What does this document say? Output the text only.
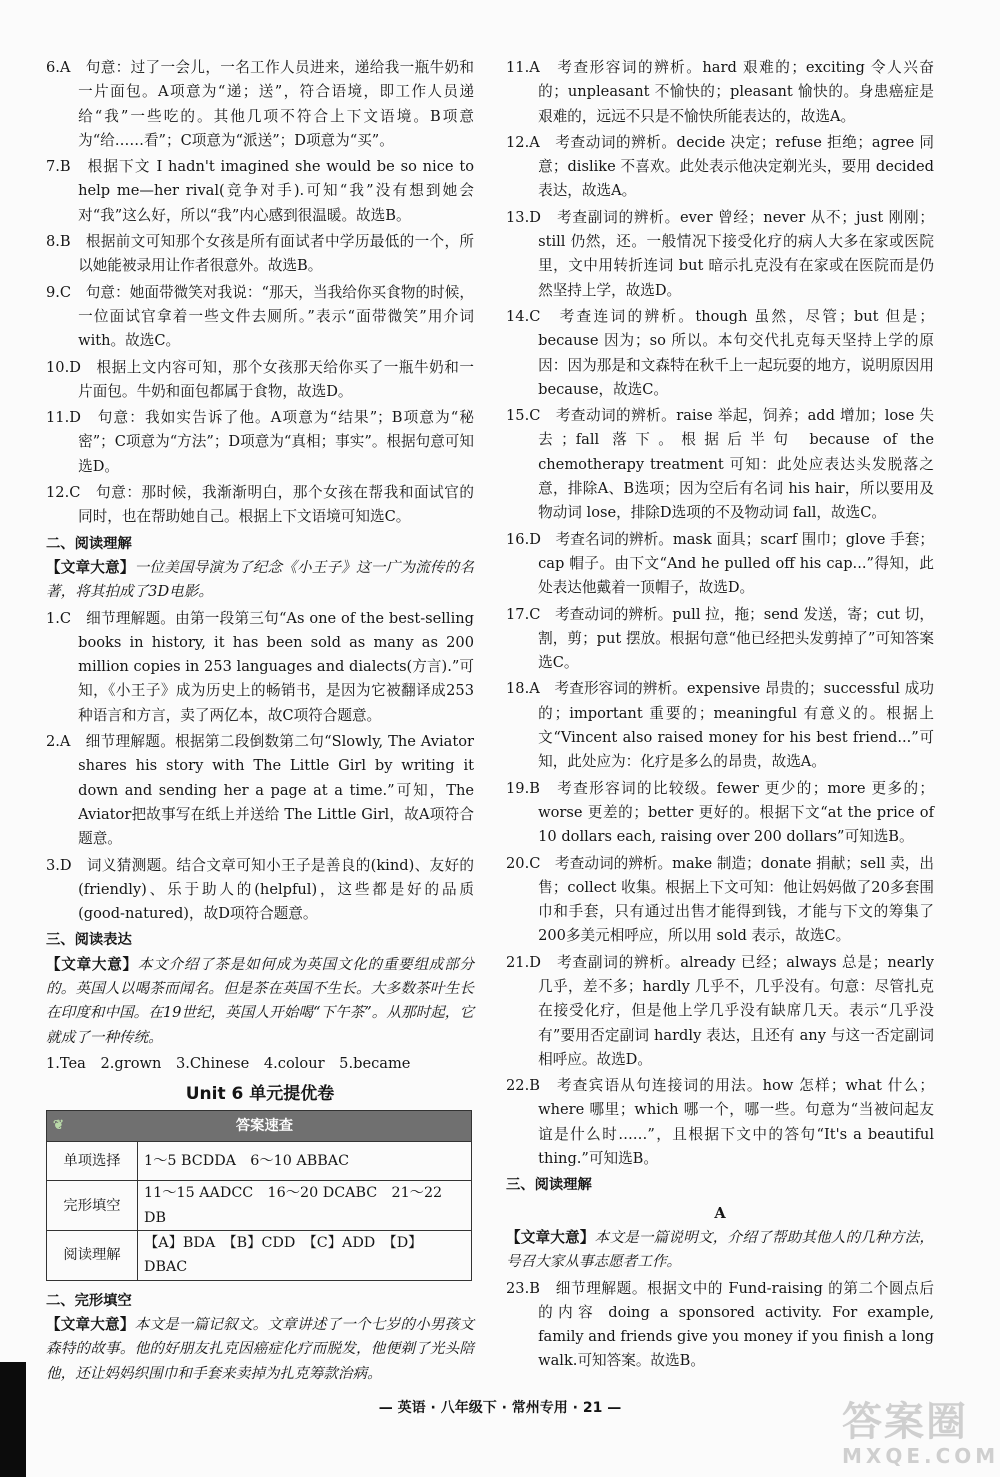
6.A　句意：过了一会儿，一名工作人员进来，递给我一瓶牛奶和一片面包。A项意为“递；送”，符合语境，即工作人员递给“我”一些吃的。其他几项不符合上下文语境。B项意为“给……看”；C项意为“派送”；D项意为“买”。

7.B　根据下文 I hadn't imagined she would be so nice to help me—her rival(竞争对手).可知“我”没有想到她会对“我”这么好，所以“我”内心感到很温暖。故选B。

8.B　根据前文可知那个女孩是所有面试者中学历最低的一个，所以她能被录用让作者很意外。故选B。

9.C　句意：她面带微笑对我说：“那天，当我给你买食物的时候，一位面试官拿着一些文件去厕所。”表示“面带微笑”用介词 with。故选C。

10.D　根据上文内容可知，那个女孩那天给你买了一瓶牛奶和一片面包。牛奶和面包都属于食物，故选D。

11.D　句意：我如实告诉了他。A项意为“结果”；B项意为“秘密”；C项意为“方法”；D项意为“真相；事实”。根据句意可知选D。

12.C　句意：那时候，我渐渐明白，那个女孩在帮我和面试官的同时，也在帮助她自己。根据上下文语境可知选C。

二、阅读理解

【文章大意】一位美国导演为了纪念《小王子》这一广为流传的名著，将其拍成了3D电影。

1.C　细节理解题。由第一段第三句“As one of the best-selling books in history, it has been sold as many as 200 million copies in 253 languages and dialects(方言).”可知，《小王子》成为历史上的畅销书，是因为它被翻译成253种语言和方言，卖了两亿本，故C项符合题意。

2.A　细节理解题。根据第二段倒数第二句“Slowly, The Aviator shares his story with The Little Girl by writing it down and sending her a page at a time.”可知，The Aviator把故事写在纸上并送给 The Little Girl，故A项符合题意。

3.D　词义猜测题。结合文章可知小王子是善良的(kind)、友好的(friendly)、乐于助人的(helpful)，这些都是好的品质(good-natured)，故D项符合题意。

三、阅读表达

【文章大意】本文介绍了茶是如何成为英国文化的重要组成部分的。英国人以喝茶而闻名。但是茶在英国不生长。大多数茶叶生长在印度和中国。在19世纪，英国人开始喝“下午茶”。从那时起，它就成了一种传统。

1.Tea　2.grown　3.Chinese　4.colour　5.became

Unit 6 单元提优卷
❦ 答案速查	
单项选择	1～5 BCDDA　6～10 ABBAC
完形填空	11～15 AADCC　16～20 DCABC　21～22 DB
阅读理解	【A】BDA　【B】CDD　【C】ADD　【D】DBAC

二、完形填空

【文章大意】本文是一篇记叙文。文章讲述了一个七岁的小男孩文森特的故事。他的好朋友扎克因癌症化疗而脱发，他便剃了光头陪他，还让妈妈织围巾和手套来卖掉为扎克筹款治病。

11.A　考查形容词的辨析。hard 艰难的；exciting 令人兴奋的；unpleasant 不愉快的；pleasant 愉快的。身患癌症是艰难的，远远不只是不愉快所能表达的，故选A。

12.A　考查动词的辨析。decide 决定；refuse 拒绝；agree 同意；dislike 不喜欢。此处表示他决定剃光头，要用 decided 表达，故选A。

13.D　考查副词的辨析。ever 曾经；never 从不；just 刚刚；still 仍然，还。一般情况下接受化疗的病人大多在家或医院里，文中用转折连词 but 暗示扎克没有在家或在医院而是仍然坚持上学，故选D。

14.C　考查连词的辨析。though 虽然，尽管；but 但是；because 因为；so 所以。本句交代扎克每天坚持上学的原因：因为那是和文森特在秋千上一起玩耍的地方，说明原因用 because，故选C。

15.C　考查动词的辨析。raise 举起，饲养；add 增加；lose 失去；fall 落下。根据后半句 because of the chemotherapy treatment 可知：此处应表达头发脱落之意，排除A、B选项；因为空后有名词 his hair，所以要用及物动词 lose，排除D选项的不及物动词 fall，故选C。

16.D　考查名词的辨析。mask 面具；scarf 围巾；glove 手套；cap 帽子。由下文“And he pulled off his cap...”得知，此处表达他戴着一顶帽子，故选D。

17.C　考查动词的辨析。pull 拉，拖；send 发送，寄；cut 切，割，剪；put 摆放。根据句意“他已经把头发剪掉了”可知答案选C。

18.A　考查形容词的辨析。expensive 昂贵的；successful 成功的；important 重要的；meaningful 有意义的。根据上文“Vincent also raised money for his best friend...”可知，此处应为：化疗是多么的昂贵，故选A。

19.B　考查形容词的比较级。fewer 更少的；more 更多的；worse 更差的；better 更好的。根据下文“at the price of 10 dollars each, raising over 200 dollars”可知选B。

20.C　考查动词的辨析。make 制造；donate 捐献；sell 卖，出售；collect 收集。根据上下文可知：他让妈妈做了20多套围巾和手套，只有通过出售才能得到钱，才能与下文的筹集了200多美元相呼应，所以用 sold 表示，故选C。

21.D　考查副词的辨析。already 已经；always 总是；nearly 几乎，差不多；hardly 几乎不，几乎没有。句意：尽管扎克在接受化疗，但是他上学几乎没有缺席几天。表示“几乎没有”要用否定副词 hardly 表达，且还有 any 与这一否定副词相呼应。故选D。

22.B　考查宾语从句连接词的用法。how 怎样；what 什么；where 哪里；which 哪一个，哪一些。句意为“当被问起友谊是什么时……”，且根据下文中的答句“It's a beautiful thing.”可知选B。

三、阅读理解

A

【文章大意】本文是一篇说明文，介绍了帮助其他人的几种方法，号召大家从事志愿者工作。

23.B　细节理解题。根据文中的 Fund-raising 的第二个圆点后的内容 doing a sponsored activity. For example, family and friends give you money if you finish a long walk.可知答案。故选B。

— 英语 · 八年级下 · 常州专用 · 21 —	答案圈
MXQE.COM
